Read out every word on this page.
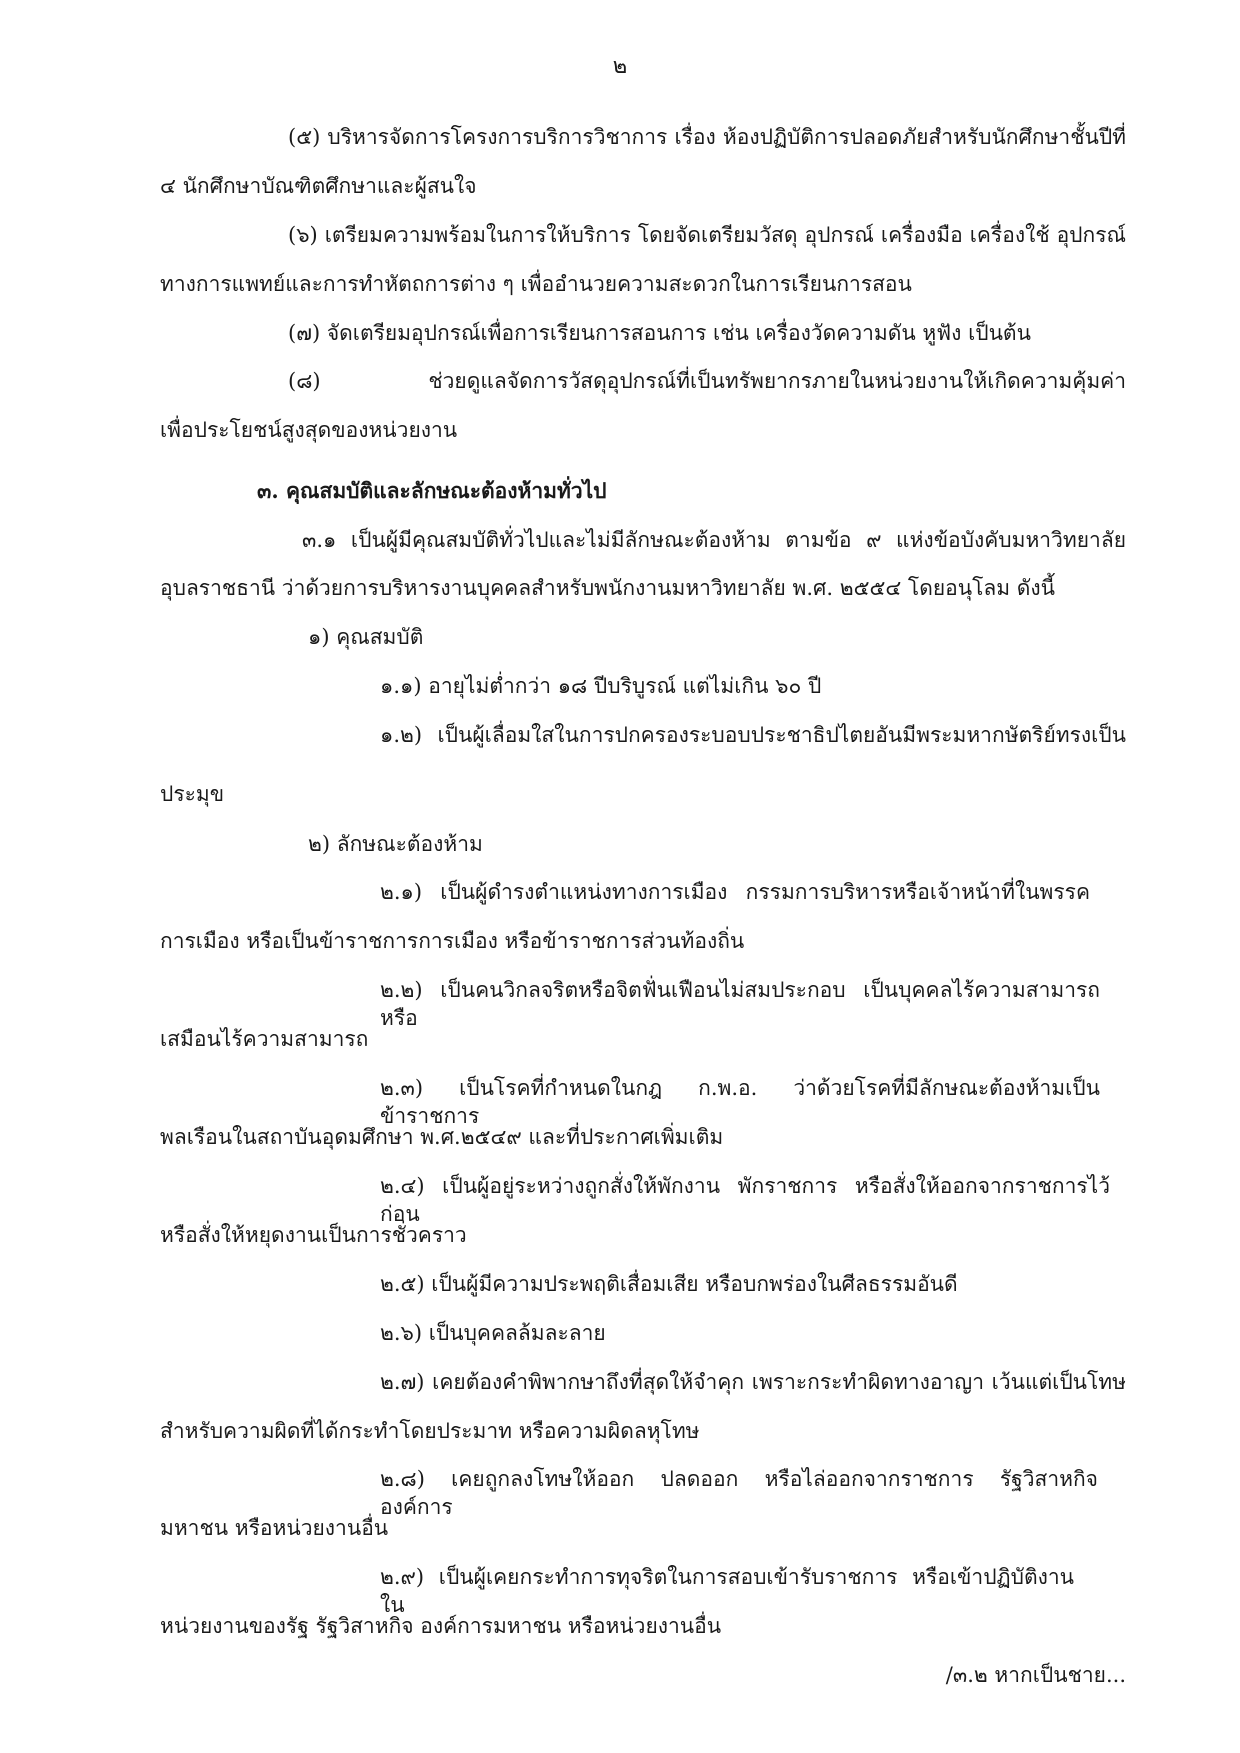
๒
(๕) บริหารจัดการโครงการบริการวิชาการ เรื่อง ห้องปฏิบัติการปลอดภัยสำหรับนักศึกษาชั้นปีที่
๔ นักศึกษาบัณฑิตศึกษาและผู้สนใจ
(๖) เตรียมความพร้อมในการให้บริการ โดยจัดเตรียมวัสดุ อุปกรณ์ เครื่องมือ เครื่องใช้ อุปกรณ์
ทางการแพทย์และการทำหัตถการต่าง ๆ เพื่ออำนวยความสะดวกในการเรียนการสอน
(๗) จัดเตรียมอุปกรณ์เพื่อการเรียนการสอนการ เช่น เครื่องวัดความดัน หูฟัง เป็นต้น
(๘) ช่วยดูแลจัดการวัสดุอุปกรณ์ที่เป็นทรัพยากรภายในหน่วยงานให้เกิดความคุ้มค่า
เพื่อประโยชน์สูงสุดของหน่วยงาน
๓. คุณสมบัติและลักษณะต้องห้ามทั่วไป
๓.๑ เป็นผู้มีคุณสมบัติทั่วไปและไม่มีลักษณะต้องห้าม ตามข้อ ๙ แห่งข้อบังคับมหาวิทยาลัย
อุบลราชธานี ว่าด้วยการบริหารงานบุคคลสำหรับพนักงานมหาวิทยาลัย พ.ศ. ๒๕๕๔ โดยอนุโลม ดังนี้
๑) คุณสมบัติ
๑.๑) อายุไม่ต่ำกว่า ๑๘ ปีบริบูรณ์ แต่ไม่เกิน ๖๐ ปี
๑.๒) เป็นผู้เลื่อมใสในการปกครองระบอบประชาธิปไตยอันมีพระมหากษัตริย์ทรงเป็น
ประมุข
๒) ลักษณะต้องห้าม
๒.๑) เป็นผู้ดำรงตำแหน่งทางการเมือง กรรมการบริหารหรือเจ้าหน้าที่ในพรรค
การเมือง หรือเป็นข้าราชการการเมือง หรือข้าราชการส่วนท้องถิ่น
๒.๒) เป็นคนวิกลจริตหรือจิตฟั่นเฟือนไม่สมประกอบ เป็นบุคคลไร้ความสามารถหรือ
เสมือนไร้ความสามารถ
๒.๓) เป็นโรคที่กำหนดในกฎ ก.พ.อ. ว่าด้วยโรคที่มีลักษณะต้องห้ามเป็นข้าราชการ
พลเรือนในสถาบันอุดมศึกษา พ.ศ.๒๕๔๙ และที่ประกาศเพิ่มเติม
๒.๔) เป็นผู้อยู่ระหว่างถูกสั่งให้พักงาน พักราชการ หรือสั่งให้ออกจากราชการไว้ก่อน
หรือสั่งให้หยุดงานเป็นการชั่วคราว
๒.๕) เป็นผู้มีความประพฤติเสื่อมเสีย หรือบกพร่องในศีลธรรมอันดี
๒.๖) เป็นบุคคลล้มละลาย
๒.๗) เคยต้องคำพิพากษาถึงที่สุดให้จำคุก เพราะกระทำผิดทางอาญา เว้นแต่เป็นโทษ
สำหรับความผิดที่ได้กระทำโดยประมาท หรือความผิดลหุโทษ
๒.๘) เคยถูกลงโทษให้ออก ปลดออก หรือไล่ออกจากราชการ รัฐวิสาหกิจ องค์การ
มหาชน หรือหน่วยงานอื่น
๒.๙) เป็นผู้เคยกระทำการทุจริตในการสอบเข้ารับราชการ หรือเข้าปฏิบัติงานใน
หน่วยงานของรัฐ รัฐวิสาหกิจ องค์การมหาชน หรือหน่วยงานอื่น
/๓.๒ หากเป็นชาย...
